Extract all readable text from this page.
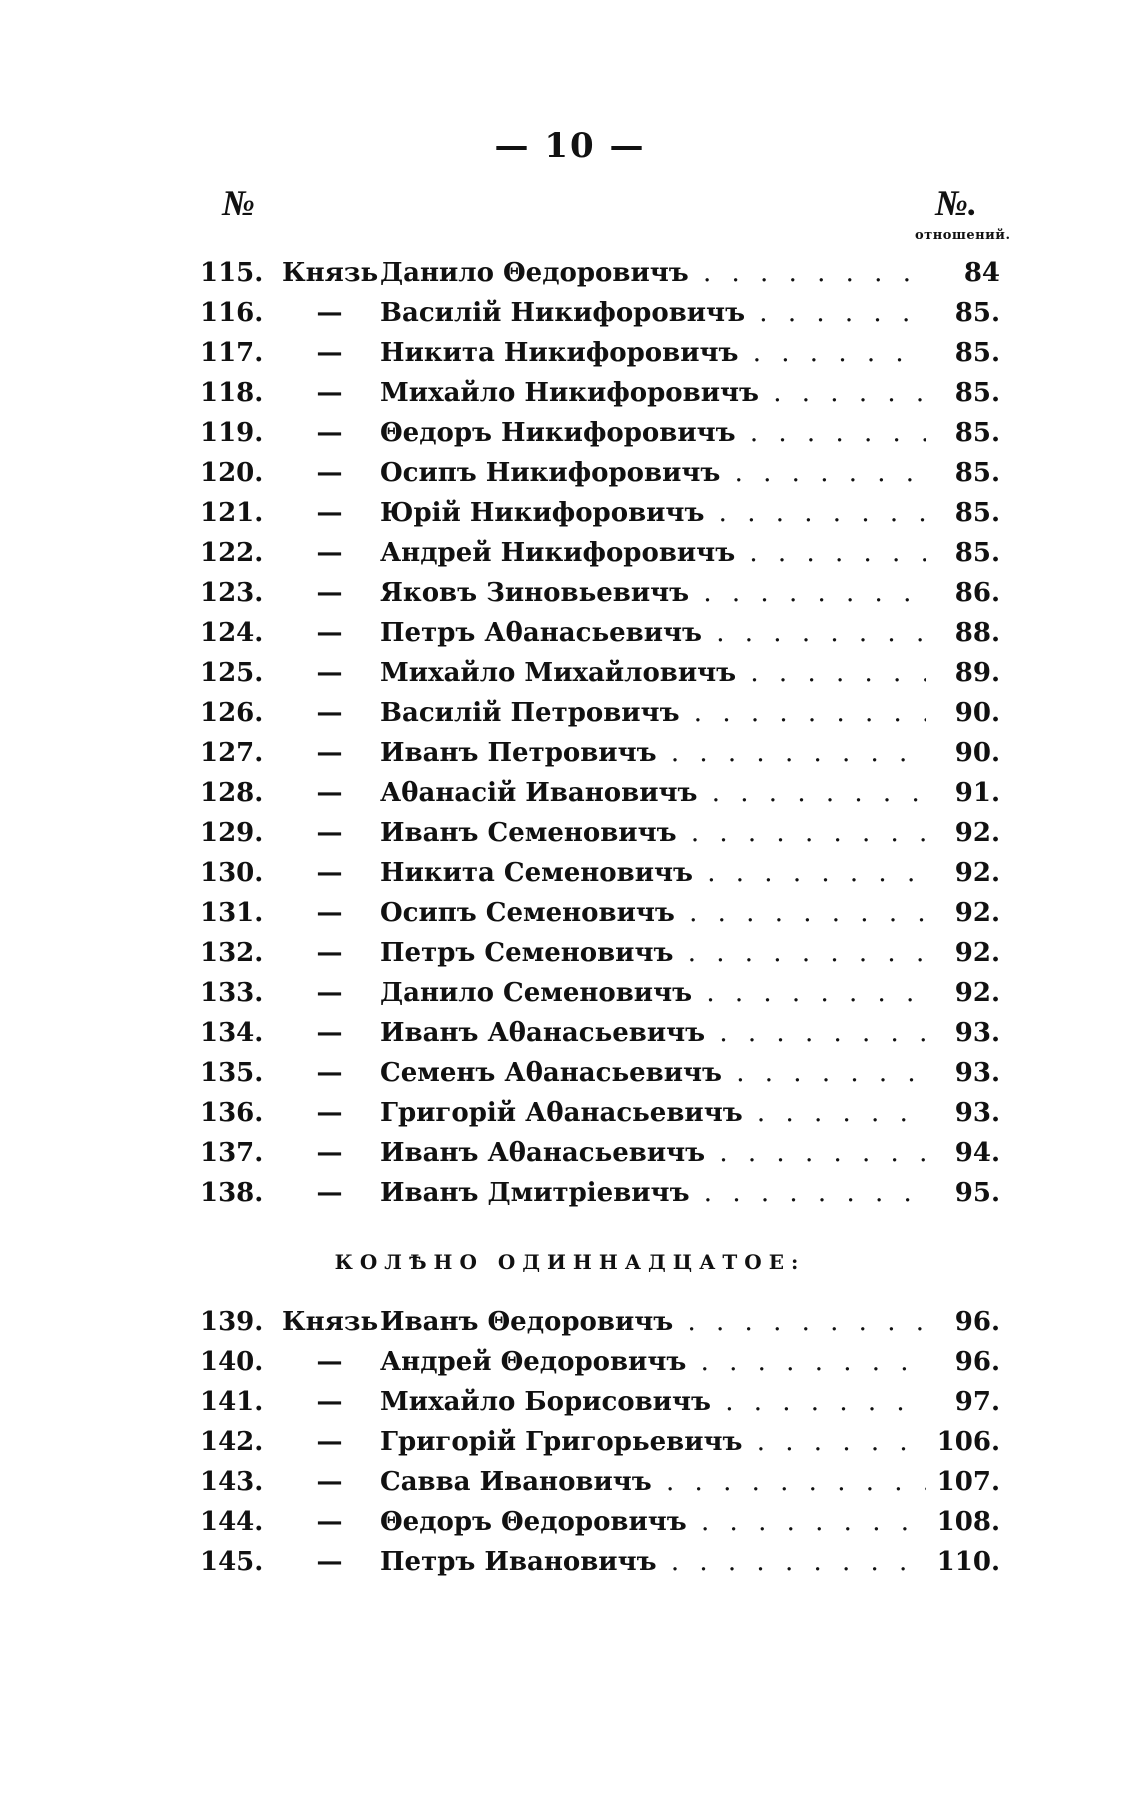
— 10 —
№	№.
отношений.
115. Князь Данило Θедоровичъ . . .	84
116.	—	Василій Никифоровичъ . . .	85.
117.	—	Никита Никифоровичъ . . .	85.
118.	—	Михайло Никифоровичъ . . .	85.
119.	—	Θедоръ Никифоровичъ . . .	85.
120.	—	Осипъ Никифоровичъ . . .	85.
121.	—	Юрій Никифоровичъ . . .	85.
122.	—	Андрей Никифоровичъ . . .	85.
123.	—	Яковъ Зиновьевичъ . . .	86.
124.	—	Петръ Аθанасьевичъ . . .	88.
125.	—	Михайло Михайловичъ . . .	89.
126.	—	Василій Петровичъ . . .	90.
127.	—	Иванъ Петровичъ . . .	90.
128.	—	Аθанасій Ивановичъ . . .	91.
129.	—	Иванъ Семеновичъ . . .	92.
130.	—	Никита Семеновичъ . . .	92.
131.	—	Осипъ Семеновичъ . . .	92.
132.	—	Петръ Семеновичъ . . .	92.
133.	—	Данило Семеновичъ . . .	92.
134.	—	Иванъ Аθанасьевичъ . . .	93.
135.	—	Семенъ Аθанасьевичъ . . .	93.
136.	—	Григорій Аθанасьевичъ . . .	93.
137.	—	Иванъ Аθанасьевичъ . . .	94.
138.	—	Иванъ Дмитріевичъ . . .	95.
КОЛѢНО ОДИННАДЦАТОЕ:
139. Князь Иванъ Θедоровичъ . . .	96.
140.	—	Андрей Θедоровичъ . . .	96.
141.	—	Михайло Борисовичъ . . .	97.
142.	—	Григорій Григорьевичъ . . .	106.
143.	—	Савва Ивановичъ . . .	107.
144.	—	Θедоръ Θедоровичъ . . .	108.
145.	—	Петръ Ивановичъ . . .	110.
